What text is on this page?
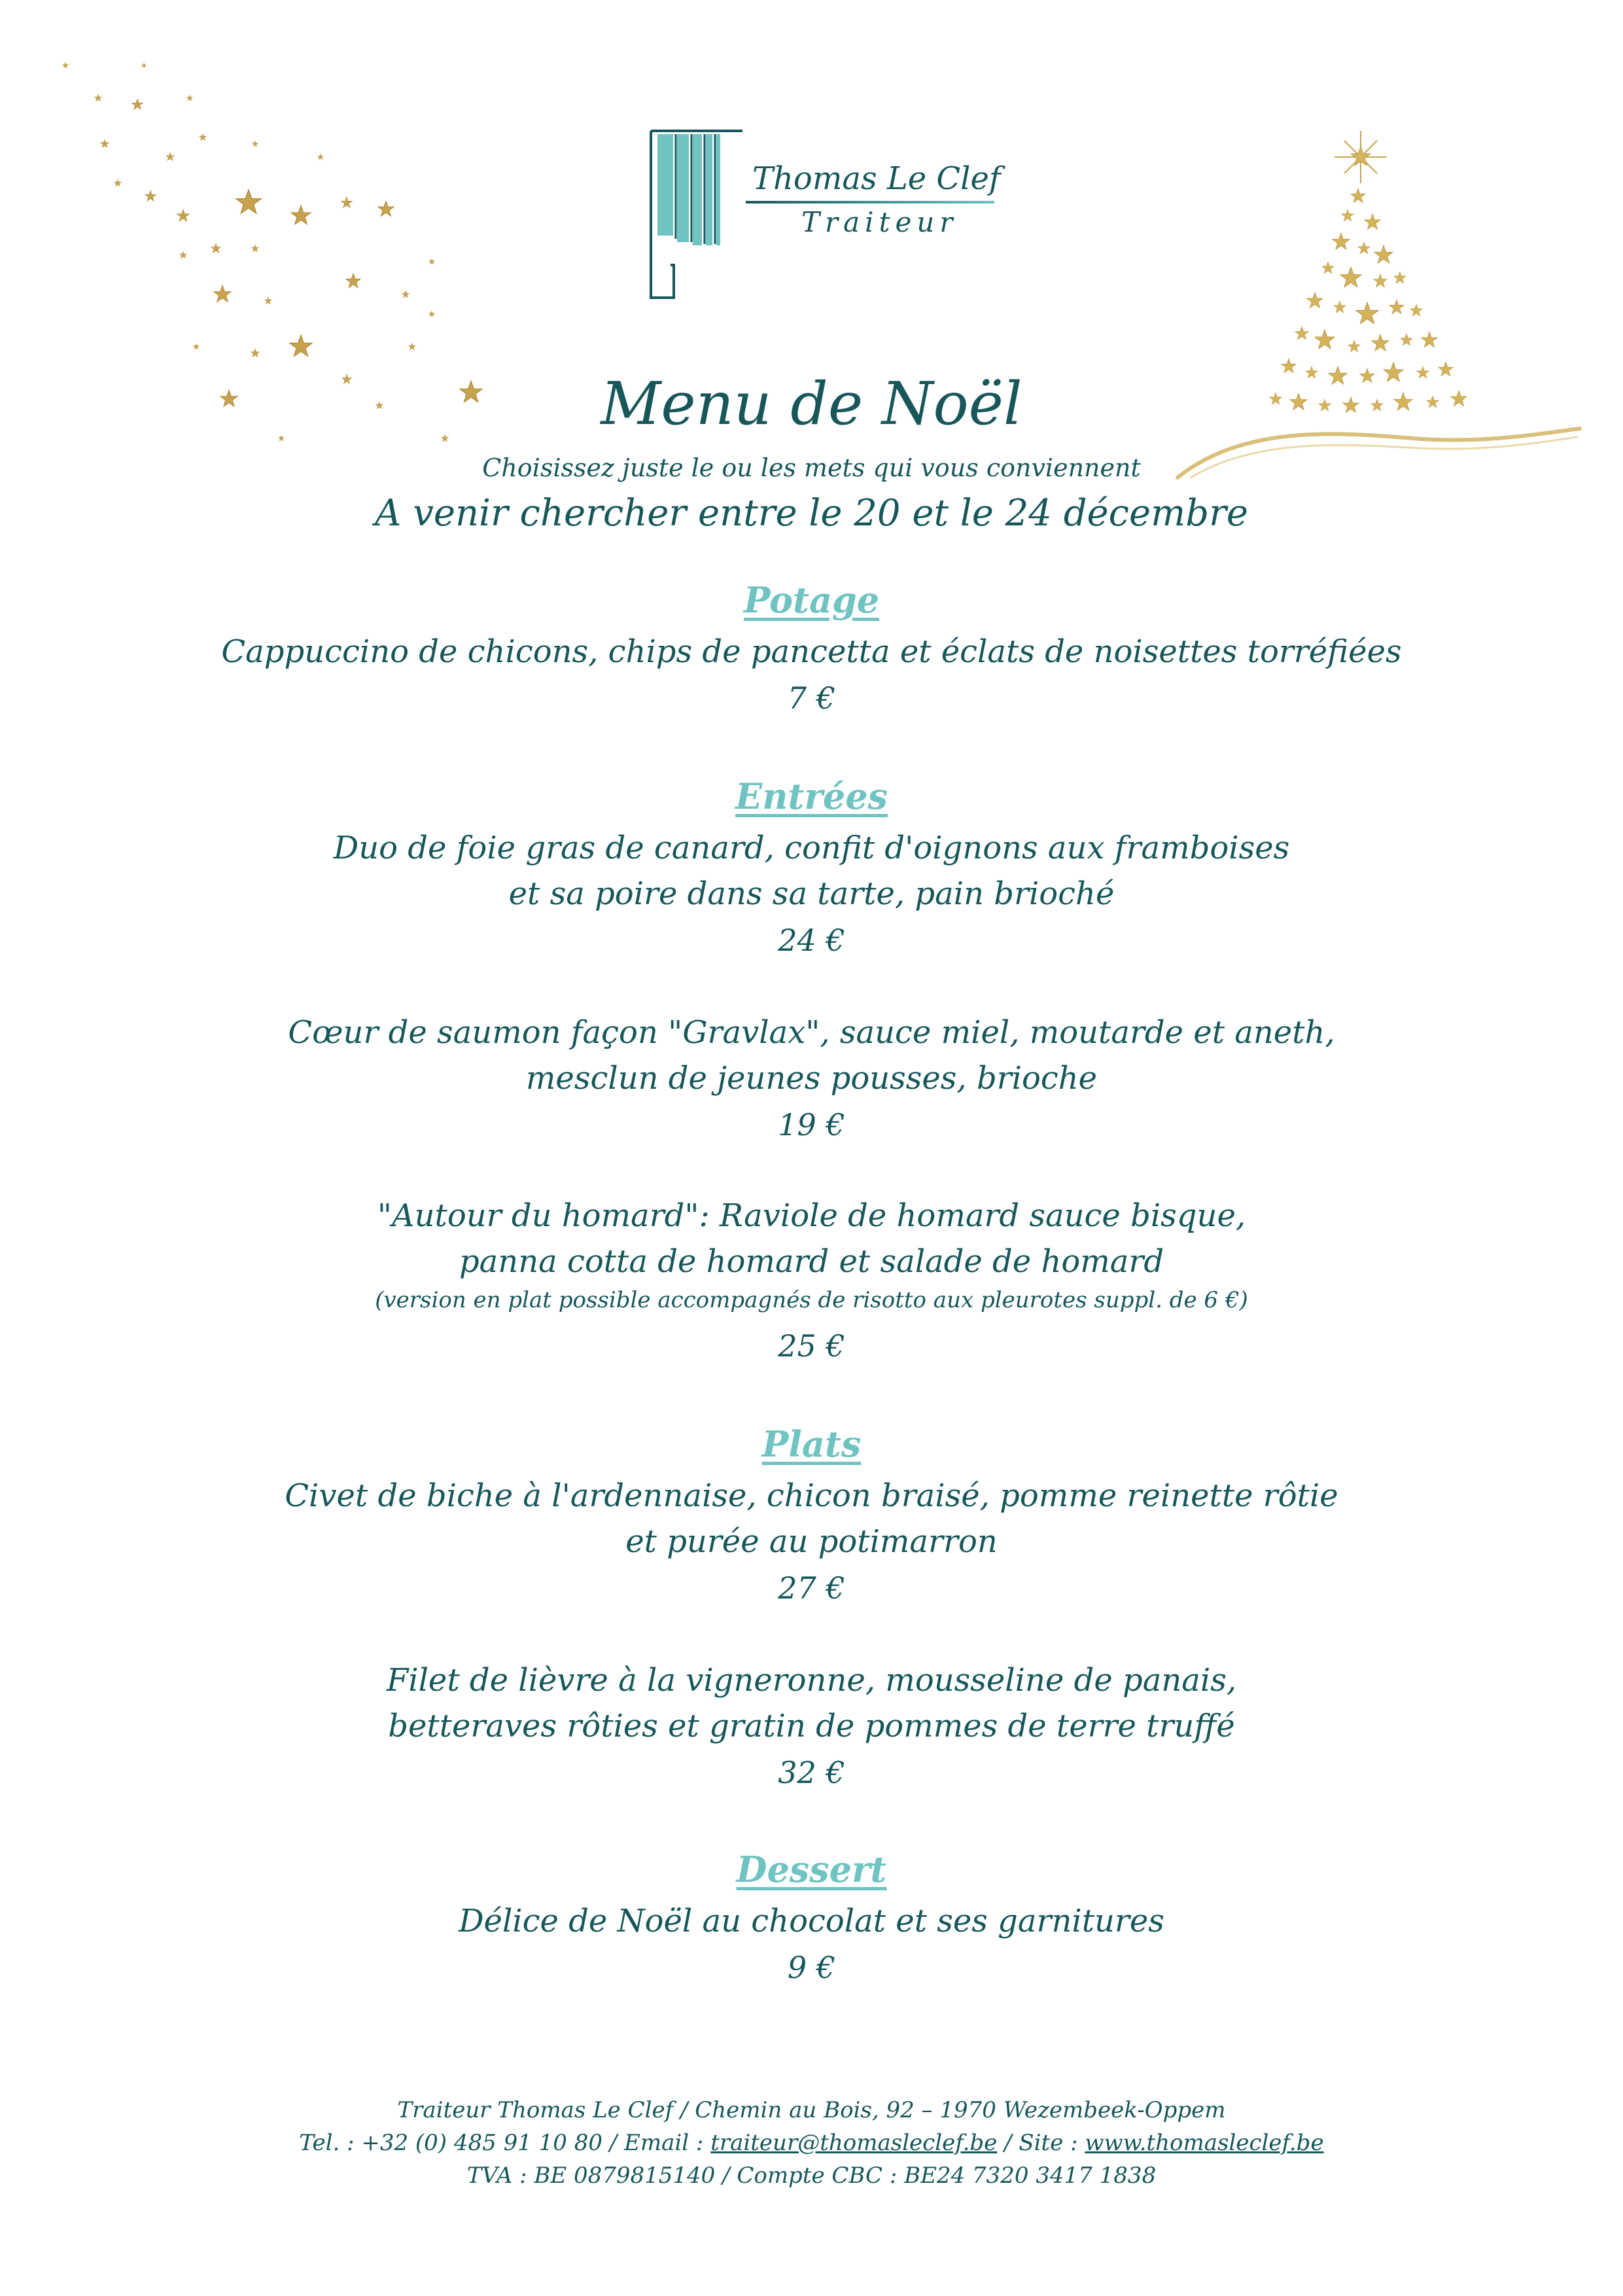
Thomas Le Clef
Traiteur
Menu de Noël
Choisissez juste le ou les mets qui vous conviennent
A venir chercher entre le 20 et le 24 décembre
Potage
Cappuccino de chicons, chips de pancetta et éclats de noisettes torréfiées
7 €
Entrées
Duo de foie gras de canard, confit d'oignons aux framboises
et sa poire dans sa tarte, pain brioché
24 €
Cœur de saumon façon "Gravlax", sauce miel, moutarde et aneth,
mesclun de jeunes pousses, brioche
19 €
"Autour du homard": Raviole de homard sauce bisque,
panna cotta de homard et salade de homard
(version en plat possible accompagnés de risotto aux pleurotes suppl. de 6 €)
25 €
Plats
Civet de biche à l'ardennaise, chicon braisé, pomme reinette rôtie
et purée au potimarron
27 €
Filet de lièvre à la vigneronne, mousseline de panais,
betteraves rôties et gratin de pommes de terre truffé
32 €
Dessert
Délice de Noël au chocolat et ses garnitures
9 €
Traiteur Thomas Le Clef / Chemin au Bois, 92 – 1970 Wezembeek-Oppem
Tel. : +32 (0) 485 91 10 80 / Email : traiteur@thomasleclef.be / Site : www.thomasleclef.be
TVA : BE 0879815140 / Compte CBC : BE24 7320 3417 1838
